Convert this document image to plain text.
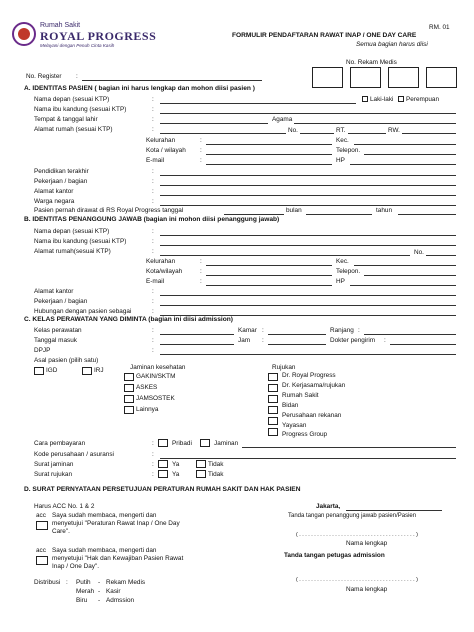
Rumah Sakit
ROYAL PROGRESS
Melayani dengan Penuh Cinta Kasih
RM. 01
FORMULIR PENDAFTARAN RAWAT INAP / ONE DAY CARE
Semua bagian harus diisi
No. Rekam Medis
No. Register :
A. IDENTITAS PASIEN ( bagian ini harus lengkap dan mohon diisi pasien )
Nama depan (sesuai KTP)	:	Laki-laki Perempuan
Nama ibu kandung (sesuai KTP)	:
Tempat & tanggal lahir	:	Agama
Alamat rumah (sesuai KTP)	:	No.	RT.	RW.
Kelurahan	:	Kec.
Kota / wilayah :	Telepon.
E-mail	:	HP
Pendidikan terakhir	:
Pekerjaan / bagian	:
Alamat kantor	:
Warga negara	:
Pasien pernah dirawat di RS Royal Progress tanggal	bulan	tahun
B. IDENTITAS PENANGGUNG JAWAB (bagian ini mohon diisi penanggung jawab)
Nama depan (sesuai KTP)	:
Nama ibu kandung (sesuai KTP)	:
Alamat rumah(sesuai KTP)	:	No.
Kelurahan	:	Kec.
Kota/wilayah	:	Telepon.
E-mail	:	HP
Alamat kantor	:
Pekerjaan / bagian	:
Hubungan dengan pasien sebagai	:
C. KELAS PERAWATAN YANG DIMINTA (bagian ini diisi admission)
Kelas perawatan	:	Kamar :	Ranjang :
Tanggal masuk	:	Jam :	Dokter pengirim :
DPJP	:
Asal pasien (pilih satu)
IGD	IRJ	Jaminan kesehatan
GAKIN/SKTM
ASKES
JAMSOSTEK
Lainnya
Rujukan
Dr. Royal Progress
Dr. Kerjasama/rujukan
Rumah Sakit
Bidan
Perusahaan rekanan
Yayasan
Progress Group
Cara pembayaran	:	Pribadi	Jaminan
Kode perusahaan / asuransi	:
Surat jaminan	:	Ya	Tidak
Surat rujukan	:	Ya	Tidak
D. SURAT PERNYATAAN PERSETUJUAN PERATURAN RUMAH SAKIT DAN HAK PASIEN
Harus ACC No. 1 & 2
acc Saya sudah membaca, mengerti dan
menyetujui "Peraturan Rawat Inap / One Day
Care".
acc Saya sudah membaca, mengerti dan
menyetujui "Hak dan Kewajiban Pasien Rawat
Inap / One Day".
Jakarta,
Tanda tangan penanggung jawab pasien/Pasien
( . . . . . . . . . . . . . . . . . . . . . . . . . . . . . . . . . . . . . . . )
Nama lengkap
Tanda tangan petugas admission
( . . . . . . . . . . . . . . . . . . . . . . . . . . . . . . . . . . . . . . . )
Nama lengkap
Distribusi : Putih - Rekam Medis
Merah - Kasir
Biru - Admssion
